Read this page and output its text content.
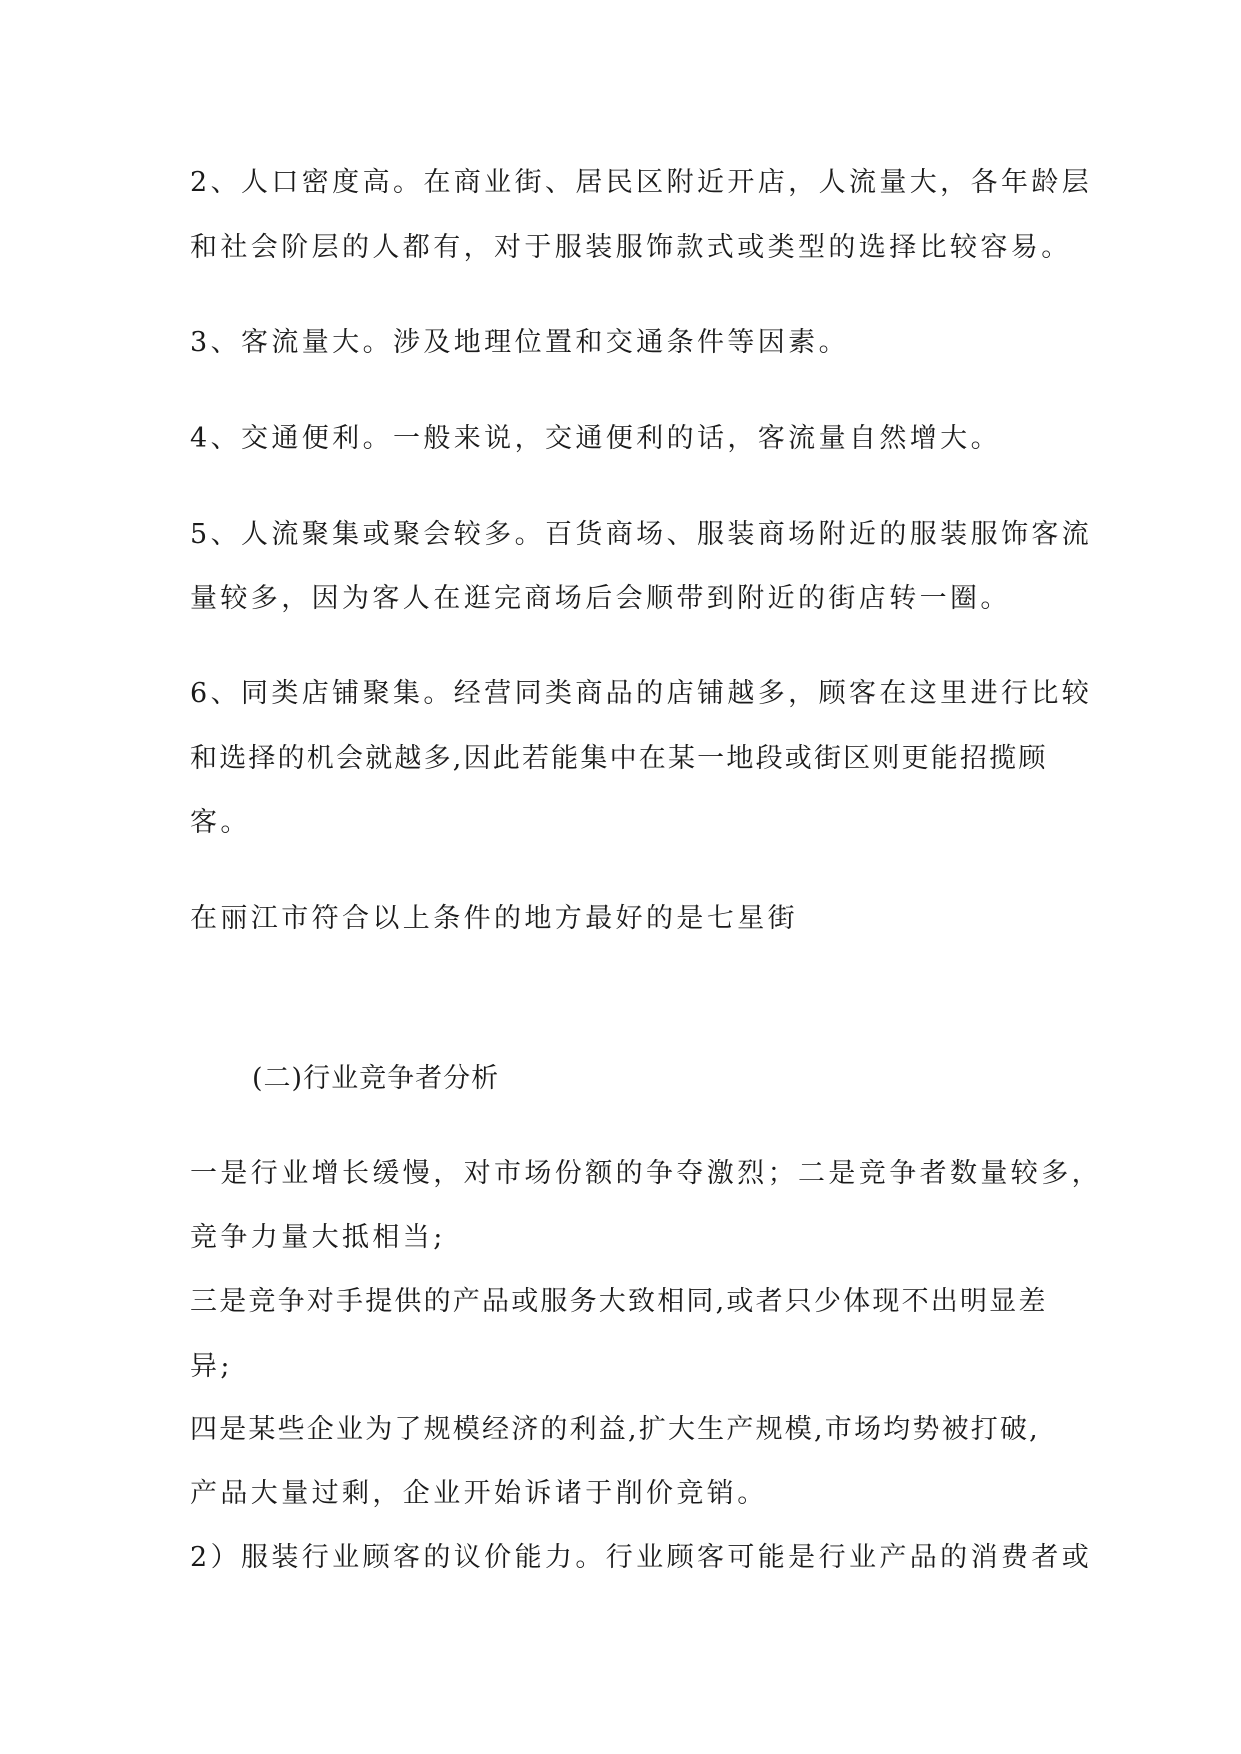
2、人口密度高。在商业街、居民区附近开店，人流量大，各年龄层
和社会阶层的人都有，对于服装服饰款式或类型的选择比较容易。
3、客流量大。涉及地理位置和交通条件等因素。
4、交通便利。一般来说，交通便利的话，客流量自然增大。
5、人流聚集或聚会较多。百货商场、服装商场附近的服装服饰客流
量较多，因为客人在逛完商场后会顺带到附近的街店转一圈。
6、同类店铺聚集。经营同类商品的店铺越多，顾客在这里进行比较
和选择的机会就越多,因此若能集中在某一地段或街区则更能招揽顾
客。
在丽江市符合以上条件的地方最好的是七星街
(二)行业竞争者分析
一是行业增长缓慢，对市场份额的争夺激烈；二是竞争者数量较多，
竞争力量大抵相当;
三是竞争对手提供的产品或服务大致相同,或者只少体现不出明显差
异;
四是某些企业为了规模经济的利益,扩大生产规模,市场均势被打破,
产品大量过剩，企业开始诉诸于削价竞销。
2）服装行业顾客的议价能力。行业顾客可能是行业产品的消费者或
